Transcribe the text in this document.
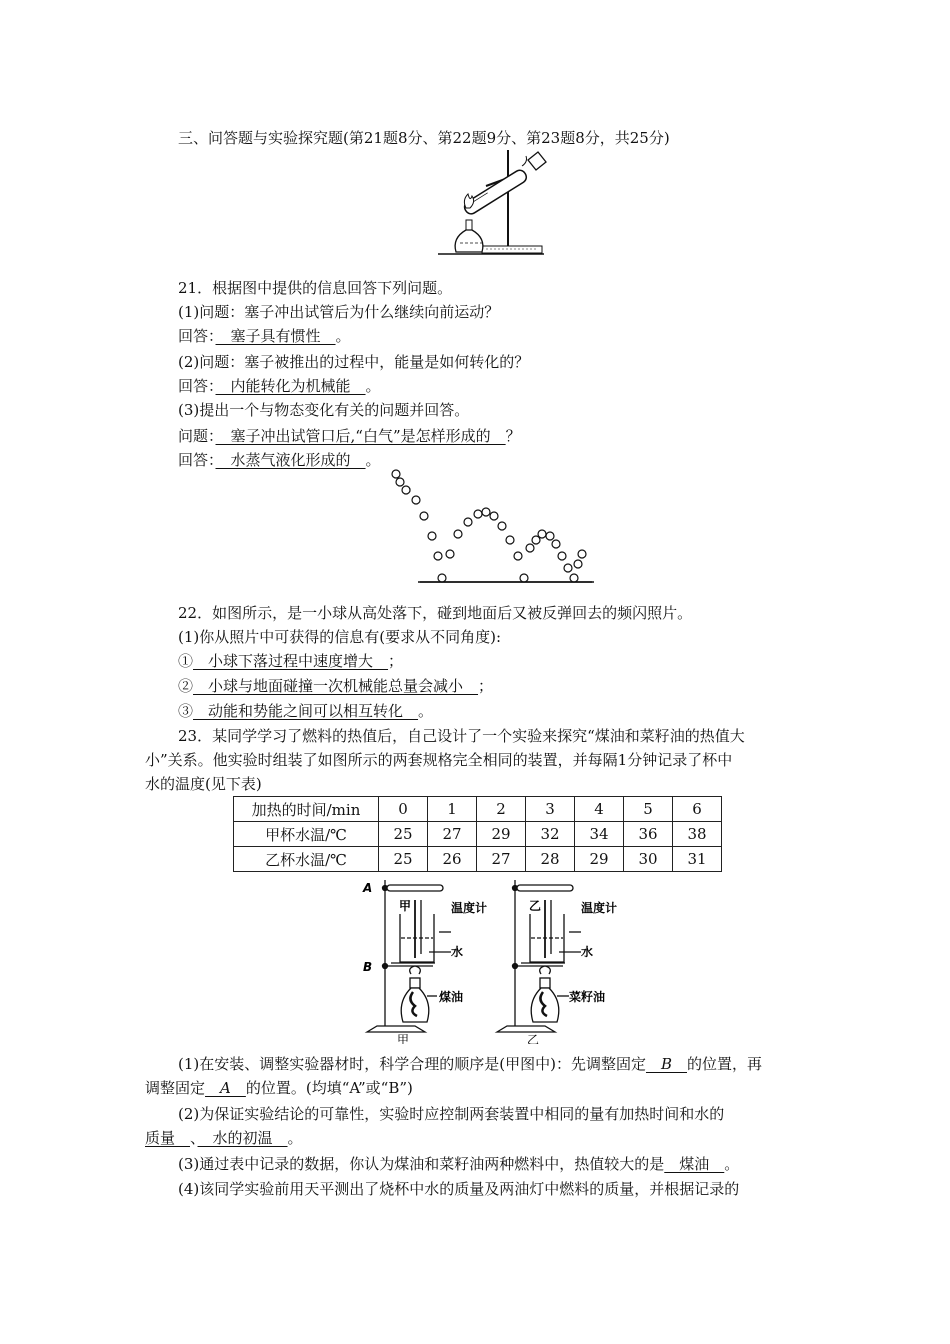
三、问答题与实验探究题(第21题8分、第22题9分、第23题8分，共25分)
21．根据图中提供的信息回答下列问题。
(1)问题：塞子冲出试管后为什么继续向前运动？
回答：　塞子具有惯性　。
(2)问题：塞子被推出的过程中，能量是如何转化的？
回答：　内能转化为机械能　。
(3)提出一个与物态变化有关的问题并回答。
问题：　塞子冲出试管口后,“白气”是怎样形成的　？
回答：　水蒸气液化形成的　。
22．如图所示，是一小球从高处落下，碰到地面后又被反弹回去的频闪照片。
(1)你从照片中可获得的信息有(要求从不同角度):
①　小球下落过程中速度增大　；
②　小球与地面碰撞一次机械能总量会减小　；
③　动能和势能之间可以相互转化　。
23．某同学学习了燃料的热值后，自己设计了一个实验来探究“煤油和菜籽油的热值大
小”关系。他实验时组装了如图所示的两套规格完全相同的装置，并每隔1分钟记录了杯中
水的温度(见下表)
加热的时间/min	0	1	2	3	4	5	6
甲杯水温/℃	25	27	29	32	34	36	38
乙杯水温/℃	25	26	27	28	29	30	31
A
B
甲	乙
温度计	温度计
水	水
煤油	菜籽油
甲	乙
(1)在安装、调整实验器材时，科学合理的顺序是(甲图中)：先调整固定　B　的位置，再
调整固定　A　的位置。(均填“A”或“B”)
(2)为保证实验结论的可靠性，实验时应控制两套装置中相同的量有加热时间和水的
质量　、　水的初温　。
(3)通过表中记录的数据，你认为煤油和菜籽油两种燃料中，热值较大的是　煤油　。
(4)该同学实验前用天平测出了烧杯中水的质量及两油灯中燃料的质量，并根据记录的
